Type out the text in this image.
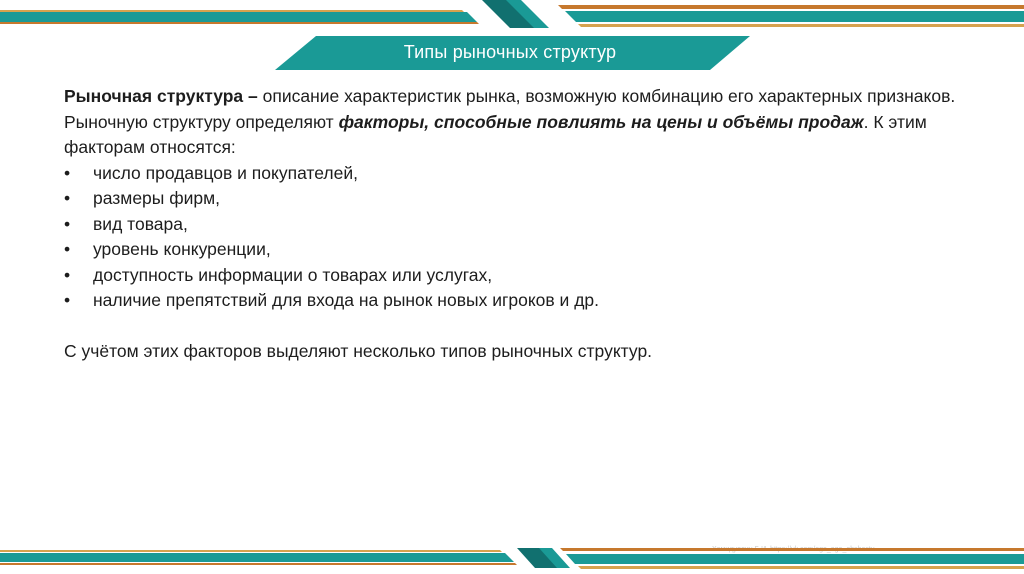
Типы рыночных структур

Рыночная структура – описание характеристик рынка, возможную комбинацию его характерных признаков.

Рыночную структуру определяют факторы, способные повлиять на цены и объёмы продаж. К этим факторам относятся:

• число продавцов и покупателей,
• размеры фирм,
• вид товара,
• уровень конкуренции,
• доступность информации о товарах или услугах,
• наличие препятствий для входа на рынок новых игроков и др.

С учётом этих факторов выделяют несколько типов рыночных структур.
